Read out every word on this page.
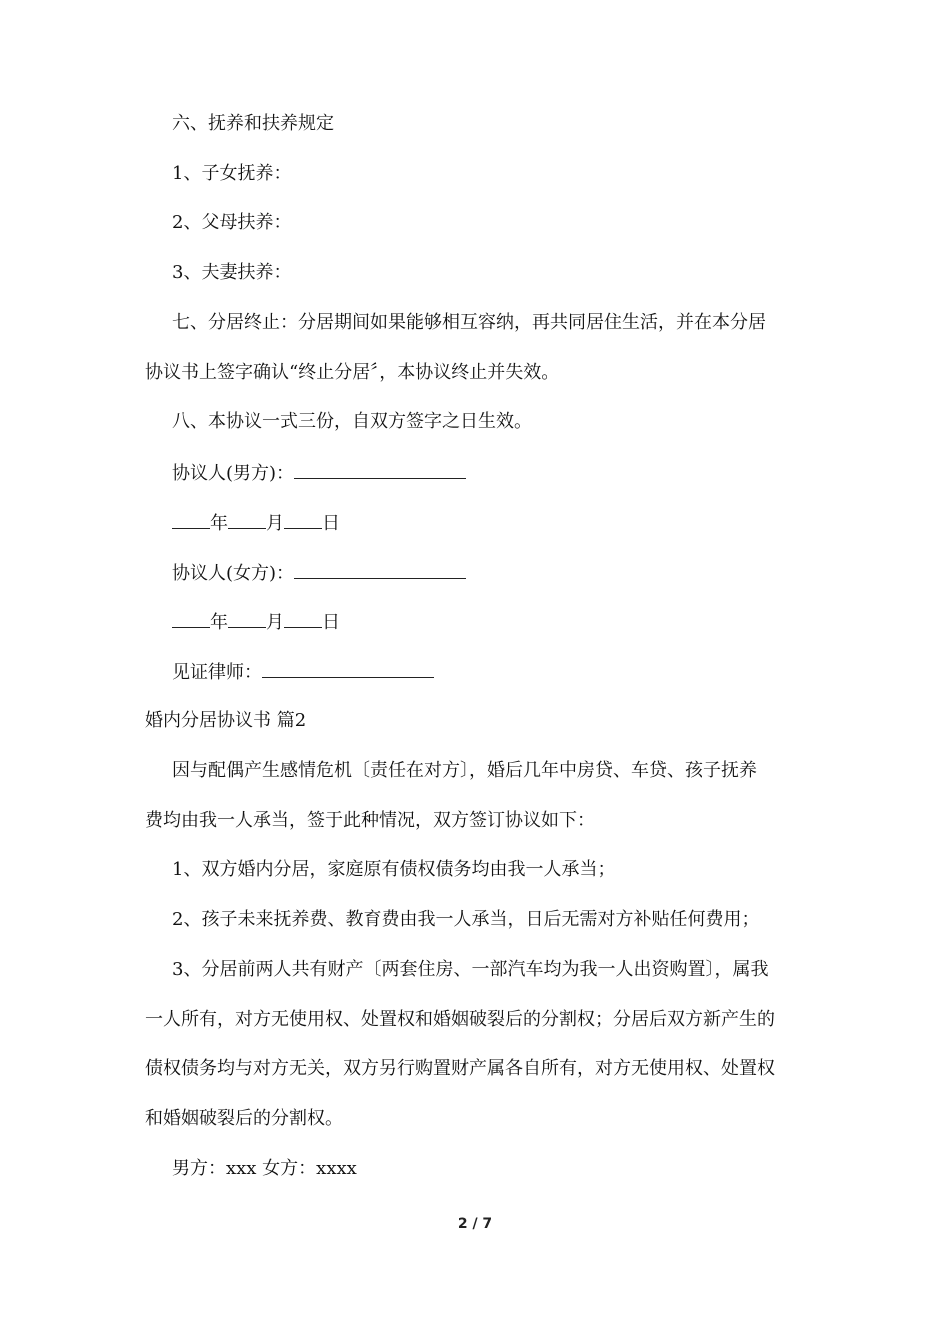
六、抚养和扶养规定
1、子女抚养：
2、父母扶养：
3、夫妻扶养：
七、分居终止：分居期间如果能够相互容纳，再共同居住生活，并在本分居
协议书上签字确认“终止分居〞，本协议终止并失效。
八、本协议一式三份，自双方签字之日生效。
协议人(男方)：
年 月 日
协议人(女方)：
年 月 日
见证律师：
婚内分居协议书 篇2
因与配偶产生感情危机〔责任在对方〕，婚后几年中房贷、车贷、孩子抚养
费均由我一人承当，签于此种情况，双方签订协议如下：
1、双方婚内分居，家庭原有债权债务均由我一人承当；
2、孩子未来抚养费、教育费由我一人承当，日后无需对方补贴任何费用；
3、分居前两人共有财产〔两套住房、一部汽车均为我一人出资购置〕，属我
一人所有，对方无使用权、处置权和婚姻破裂后的分割权；分居后双方新产生的
债权债务均与对方无关，双方另行购置财产属各自所有，对方无使用权、处置权
和婚姻破裂后的分割权。
男方：xxx 女方：xxxx
2 / 7
